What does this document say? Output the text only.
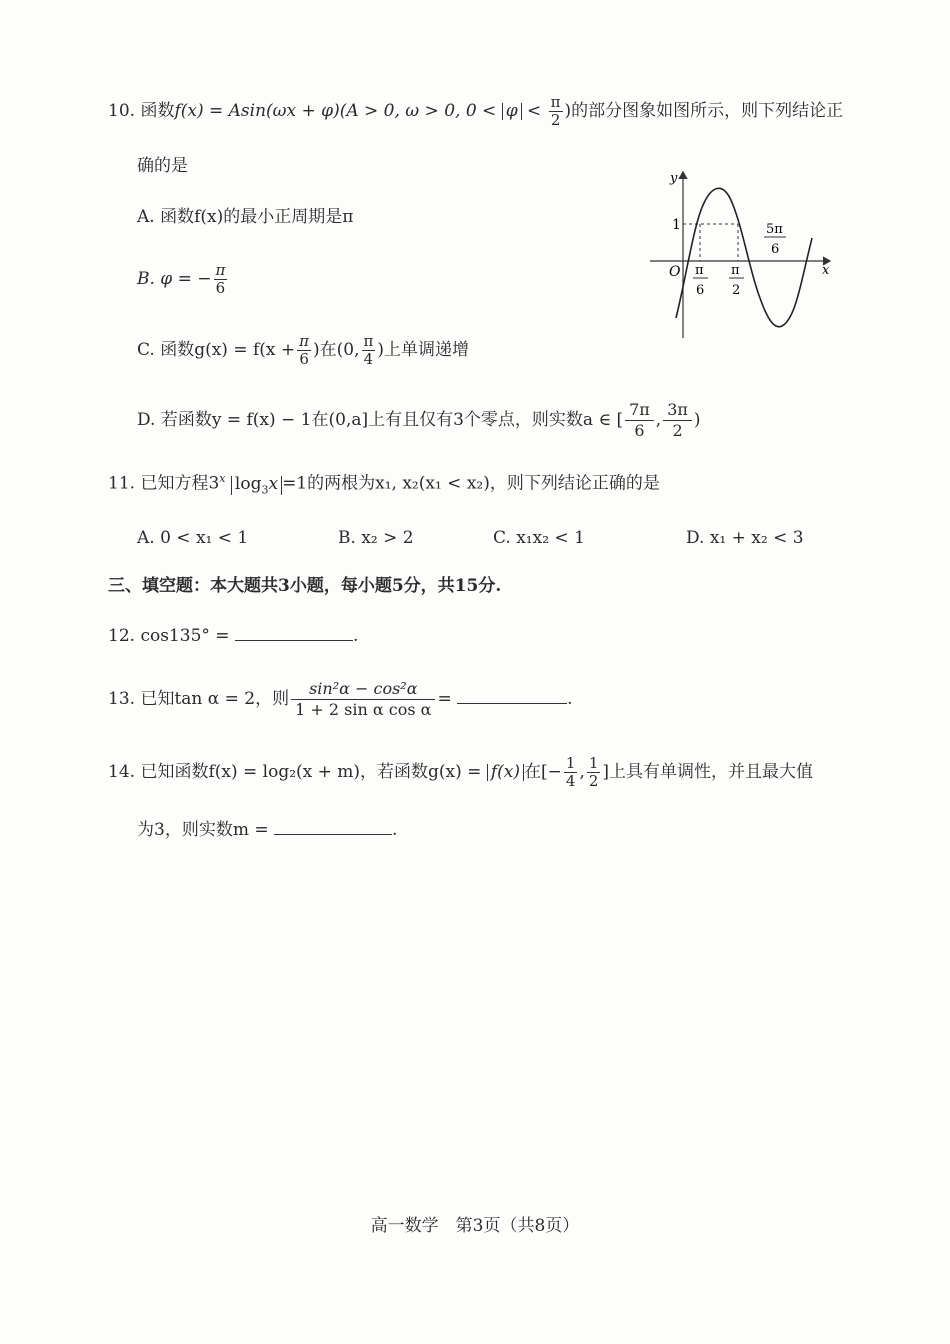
10. 函数f(x) = Asin(ωx + φ)(A > 0, ω > 0, $0 < \varphi < \frac{\pi}{2}$ )的部分图象如图所示，则下列结论正
确的是
A. 函数f(x)的最小正周期是π
B. φ = − $\frac{\pi}{6}$
C. 函数$g(x) = f(x + \frac{\pi}{6}$ )在(0, $\frac{\pi}{4}$ )上单调递增
D. 若函数y = f(x) − 1在(0,a]上有且仅有3个零点，则实数a ∈ [ $\frac{7\pi}{6}$ , $\frac{3\pi}{2}$ )
y
x
O
1
π
6
π
2
5π
6
11. 已知方程3$^x$ $\log_3x =1$的两根为x₁, x₂(x₁ < x₂)，则下列结论正确的是
A. 0 < x₁ < 1	B. x₂ > 2	C. x₁x₂ < 1	D. x₁ + x₂ < 3
三、填空题：本大题共3小题，每小题5分，共15分.
12. cos135° =	.
13. 已知tan α = 2，则 $\frac{\text{sin²α − cos²α}}{\text{1 + 2 sin α cos α}}$ =	.
14. 已知函数f(x) = log₂(x + m)，若函数g(x) = f(x) 在[− $\frac{1}{4}$ , $\frac{1}{2}$ ]上具有单调性，并且最大值
为3，则实数m =	.
高一数学　第3页（共8页）
